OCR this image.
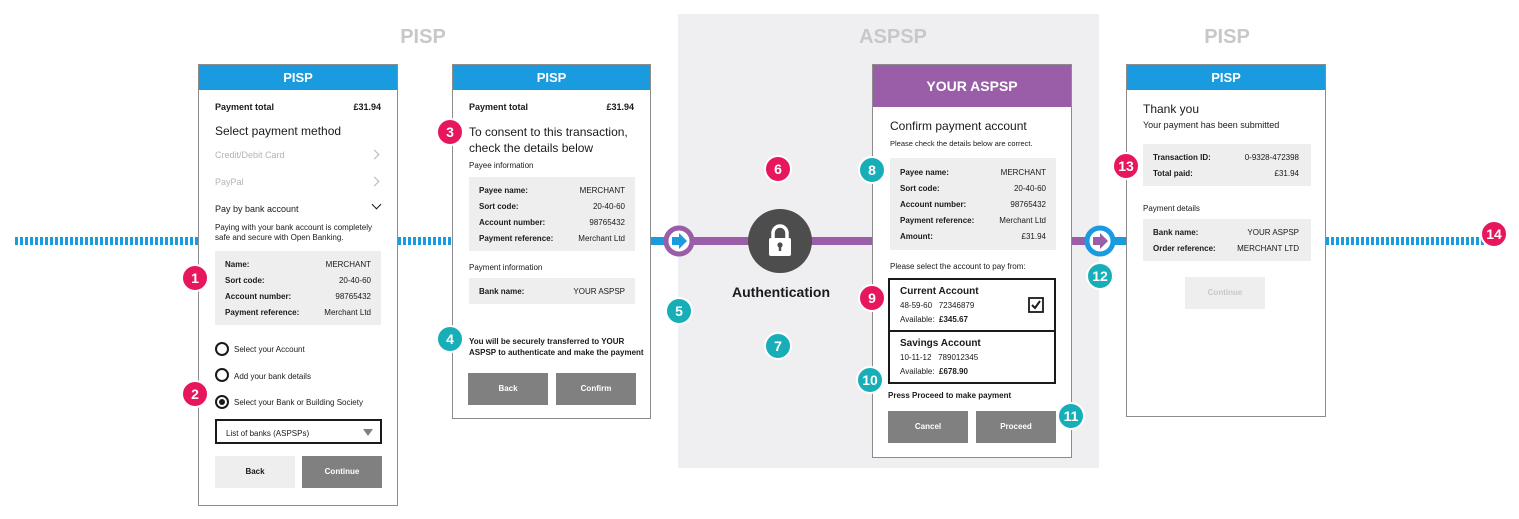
PISP	ASPSP	PISP
Authentication
PISP
Payment total	£31.94
Select payment method
Credit/Debit Card
PayPal
Pay by bank account
Paying with your bank account is completely
safe and secure with Open Banking.
Name:	MERCHANT
Sort code:	20-40-60
Account number:	98765432
Payment reference:	Merchant Ltd
Select your Account
Add your bank details
Select your Bank or Building Society
List of banks (ASPSPs)
Back	Continue
PISP
Payment total	£31.94
To consent to this transaction,
check the details below
Payee information
Payee name:	MERCHANT
Sort code:	20-40-60
Account number:	98765432
Payment reference:	Merchant Ltd
Payment information
Bank name:	YOUR ASPSP
You will be securely transferred to YOUR
ASPSP to authenticate and make the payment
Back	Confirm
YOUR ASPSP
Confirm payment account
Please check the details below are correct.
Payee name:	MERCHANT
Sort code:	20-40-60
Account number:	98765432
Payment reference:	Merchant Ltd
Amount:	£31.94
Please select the account to pay from:
Current Account
48-59-60   72346879
Available: £345.67
Savings Account
10-11-12   789012345
Available: £678.90
Press Proceed to make payment
Cancel	Proceed
PISP
Thank you
Your payment has been submitted
Transaction ID:	0-9328-472398
Total paid:	£31.94
Payment details
Bank name:	YOUR ASPSP
Order reference:	MERCHANT LTD
Continue
1
2
3
4
5
6
7
8
9
10
11
12
13
14
